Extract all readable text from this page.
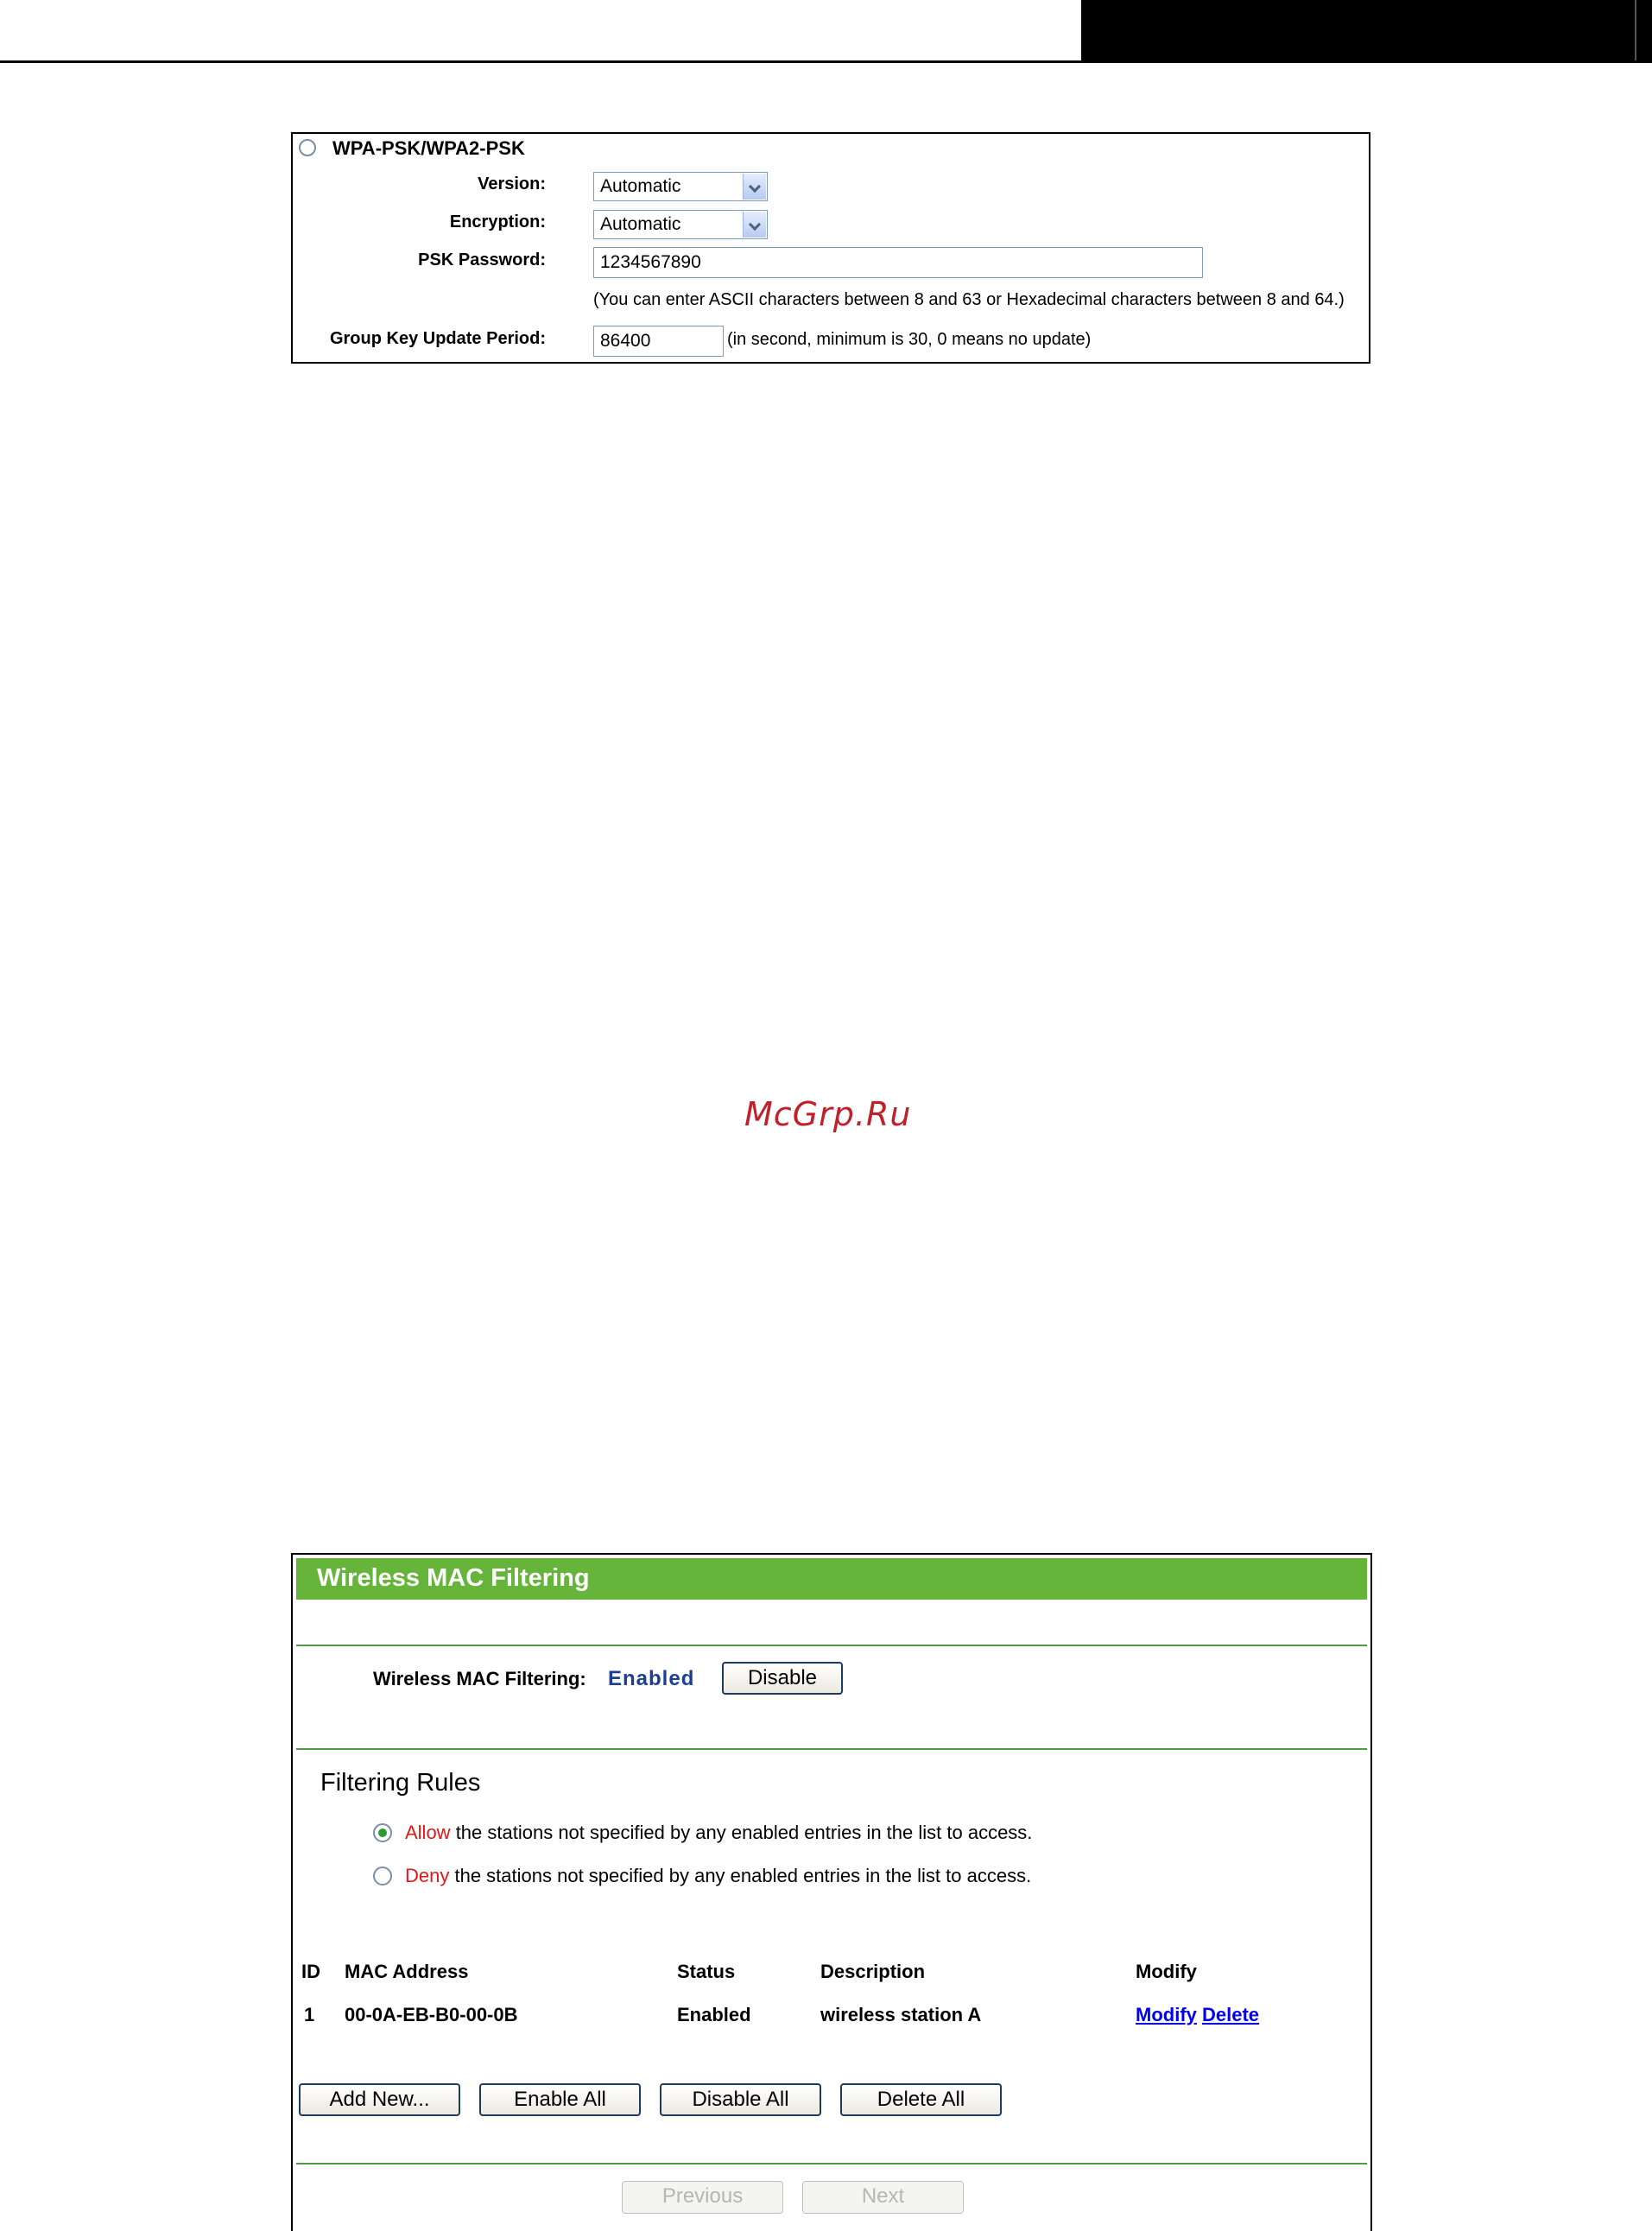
WPA-PSK/WPA2-PSK
Version:	Automatic
Encryption:	Automatic
PSK Password:	1234567890
(You can enter ASCII characters between 8 and 63 or Hexadecimal characters between 8 and 64.)
Group Key Update Period:	86400	(in second, minimum is 30, 0 means no update)
McGrp.Ru
Wireless MAC Filtering
Wireless MAC Filtering: Enabled	Disable
Filtering Rules
Allow the stations not specified by any enabled entries in the list to access.
Deny the stations not specified by any enabled entries in the list to access.
ID MAC Address	Status	Description	Modify
1 00-0A-EB-B0-00-0B	Enabled	wireless station A	Modify Delete
Add New...	Enable All	Disable All	Delete All
Previous	Next
